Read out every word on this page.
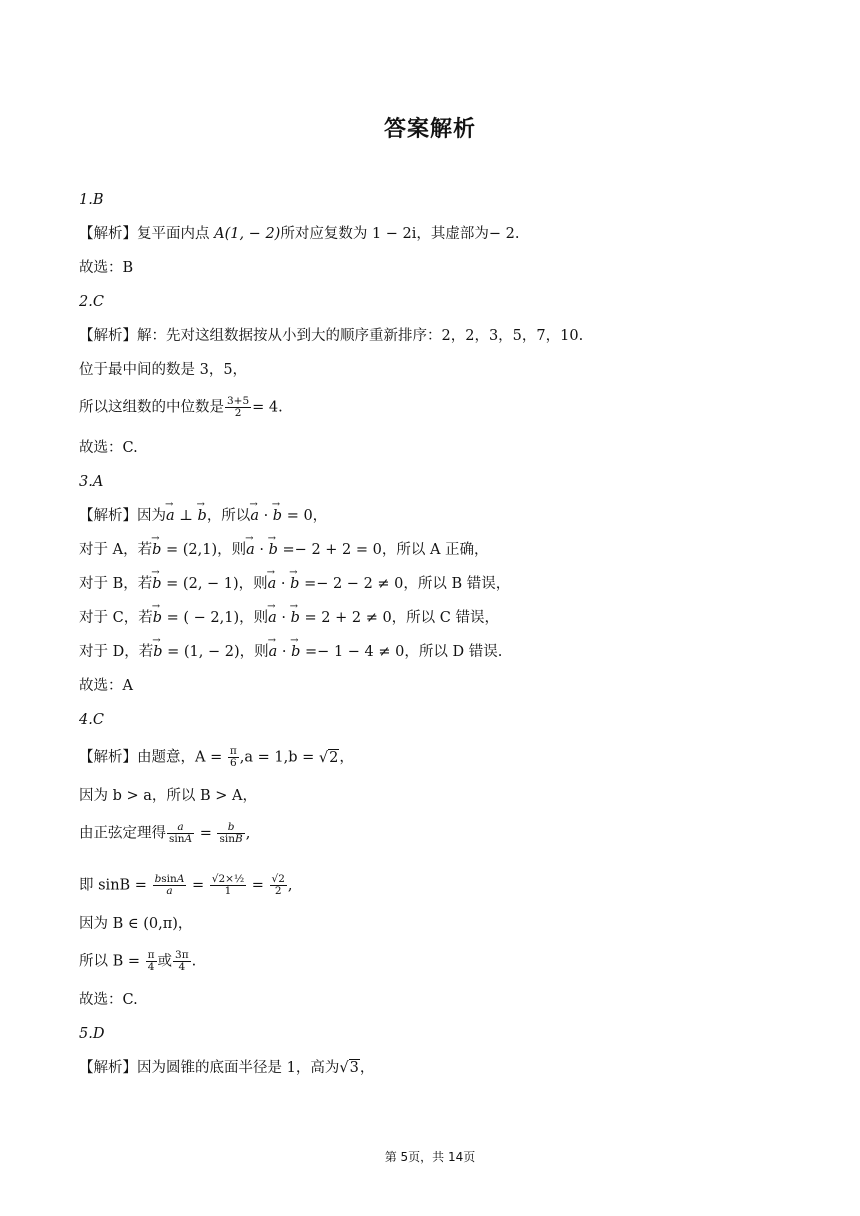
答案解析
1.B
【解析】复平面内点 A(1, − 2)所对应复数为 1 − 2i，其虚部为− 2.
故选：B
2.C
【解析】解：先对这组数据按从小到大的顺序重新排序：2，2，3，5，7，10.
位于最中间的数是 3，5，
所以这组数的中位数是 $\frac{3+5}{2} = 4$.
故选：C.
3.A
【解析】因为→ a ⊥ → b，所以→ a · → b = 0，
对于 A，若→ b = (2,1)，则→ a · → b =− 2 + 2 = 0，所以 A 正确，
对于 B，若→ b = (2, − 1)，则→ a · → b =− 2 − 2 ≠ 0，所以 B 错误，
对于 C，若→ b = ( − 2,1)，则→ a · → b = 2 + 2 ≠ 0，所以 C 错误，
对于 D，若→ b = (1, − 2)，则→ a · → b =− 1 − 4 ≠ 0，所以 D 错误.
故选：A
4.C
【解析】由题意，$A = \frac{\pi}{6} ,a = 1,b = √2$，
因为 b > a，所以 B > A，
由正弦定理得 $\frac{a}{\sin A} = \frac{b}{\sin B}$ ,
即 $\sin B = \frac{bsinA}{a} = \frac{\text{√2×½}}{1} = \frac{√2}{2}$ ,
因为 B ∈ (0,π)，
所以 $B = \frac{\pi}{4}$ 或 $\frac{3\pi}{4}$ .
故选：C.
5.D
【解析】因为圆锥的底面半径是 1，高为√3，
第 5页，共 14页
